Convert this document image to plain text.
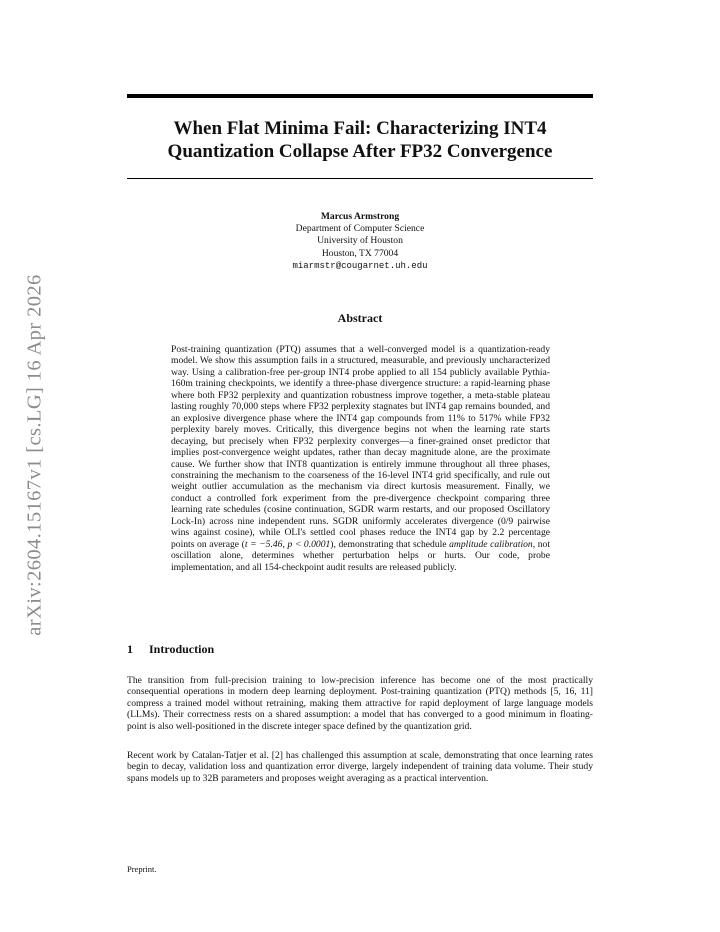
arXiv:2604.15167v1 [cs.LG] 16 Apr 2026
When Flat Minima Fail: Characterizing INT4
Quantization Collapse After FP32 Convergence
Marcus Armstrong
Department of Computer Science
University of Houston
Houston, TX 77004
miarmstr@cougarnet.uh.edu
Abstract

Post-training quantization (PTQ) assumes that a well-converged model is a quantization-ready model. We show this assumption fails in a structured, measurable, and previously uncharacterized way. Using a calibration-free per-group INT4 probe applied to all 154 publicly available Pythia-160m training checkpoints, we identify a three-phase divergence structure: a rapid-learning phase where both FP32 perplexity and quantization robustness improve together, a meta-stable plateau lasting roughly 70,000 steps where FP32 perplexity stagnates but INT4 gap remains bounded, and an explosive divergence phase where the INT4 gap compounds from 11% to 517% while FP32 perplexity barely moves. Critically, this divergence begins not when the learning rate starts decaying, but precisely when FP32 perplexity converges—a finer-grained onset predictor that implies post-convergence weight updates, rather than decay magnitude alone, are the proximate cause. We further show that INT8 quantization is entirely immune throughout all three phases, constraining the mechanism to the coarseness of the 16-level INT4 grid specifically, and rule out weight outlier accumulation as the mechanism via direct kurtosis measurement. Finally, we conduct a controlled fork experiment from the pre-divergence checkpoint comparing three learning rate schedules (cosine continuation, SGDR warm restarts, and our proposed Oscillatory Lock-In) across nine independent runs. SGDR uniformly accelerates divergence (0/9 pairwise wins against cosine), while OLI's settled cool phases reduce the INT4 gap by 2.2 percentage points on average (t = −5.46, p < 0.0001), demonstrating that schedule amplitude calibration, not oscillation alone, determines whether perturbation helps or hurts. Our code, probe implementation, and all 154-checkpoint audit results are released publicly.

1 Introduction

The transition from full-precision training to low-precision inference has become one of the most practically consequential operations in modern deep learning deployment. Post-training quantization (PTQ) methods [5, 16, 11] compress a trained model without retraining, making them attractive for rapid deployment of large language models (LLMs). Their correctness rests on a shared assumption: a model that has converged to a good minimum in floating-point is also well-positioned in the discrete integer space defined by the quantization grid.

Recent work by Catalan-Tatjer et al. [2] has challenged this assumption at scale, demonstrating that once learning rates begin to decay, validation loss and quantization error diverge, largely independent of training data volume. Their study spans models up to 32B parameters and proposes weight averaging as a practical intervention.

Preprint.
